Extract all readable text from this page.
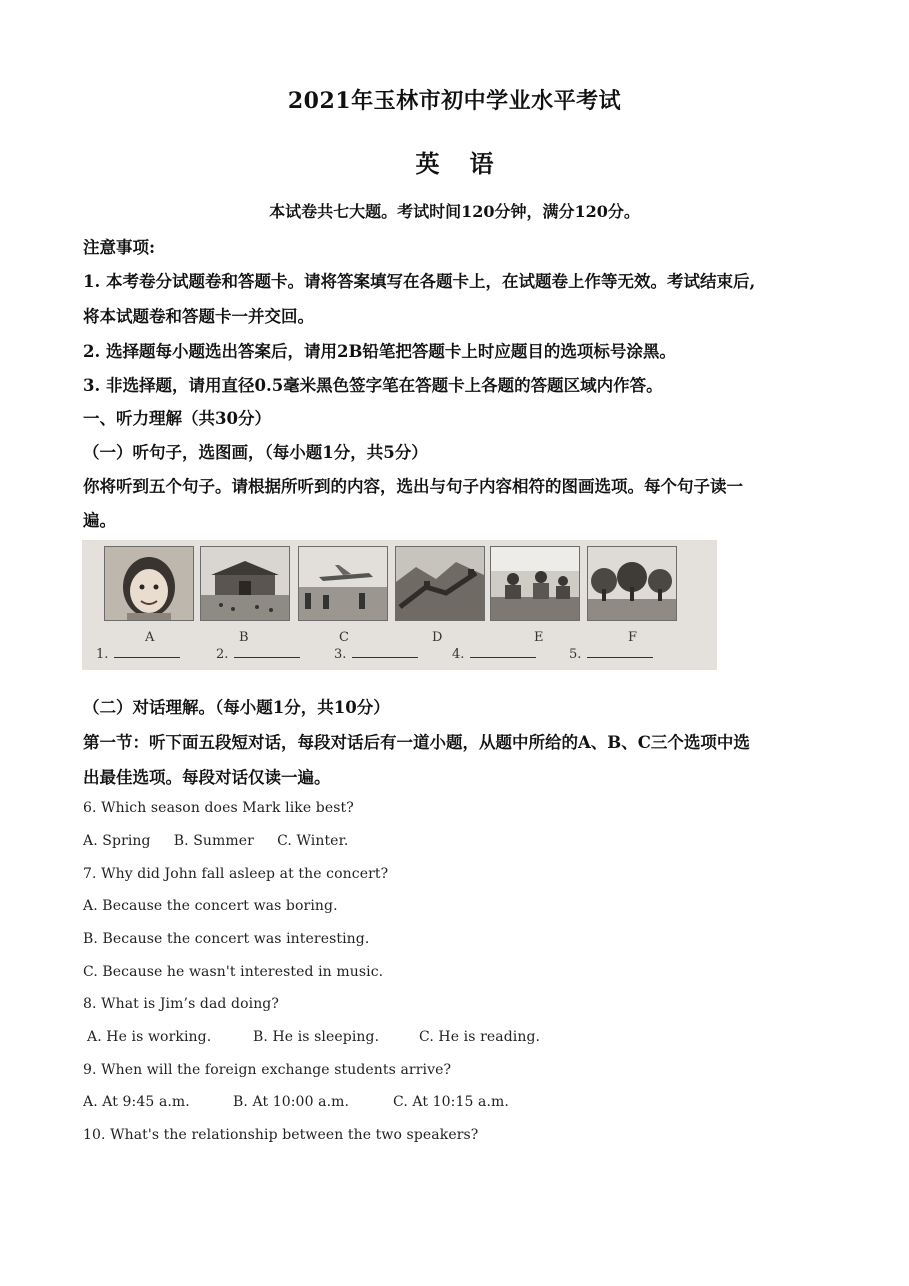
2021年玉林市初中学业水平考试
英语
本试卷共七大题。考试时间120分钟，满分120分。
注意事项:
1. 本考卷分试题卷和答题卡。请将答案填写在各题卡上，在试题卷上作等无效。考试结束后,
将本试题卷和答题卡一并交回。
2. 选择题每小题选出答案后，请用2B铅笔把答题卡上时应题目的选项标号涂黑。
3. 非选择题，请用直径0.5毫米黑色签字笔在答题卡上各题的答题区域内作答。
一、听力理解（共30分）
（一）听句子，选图画，（每小题1分，共5分）
你将听到五个句子。请根据所听到的内容，选出与句子内容相符的图画选项。每个句子读一
遍。
A	B	C	D	E	F
1.	2.	3.	4.	5.
（二）对话理解。（每小题1分，共10分）
第一节：听下面五段短对话，每段对话后有一道小题，从题中所给的A、B、C三个选项中选
出最佳选项。每段对话仅读一遍。
6. Which season does Mark like best?
A. Spring B. Summer C. Winter.
7. Why did John fall asleep at the concert?
A. Because the concert was boring.
B. Because the concert was interesting.
C. Because he wasn't interested in music.
8. What is Jim’s dad doing?
A. He is working.	B. He is sleeping.	C. He is reading.
9. When will the foreign exchange students arrive?
A. At 9:45 a.m.	B. At 10:00 a.m.	C. At 10:15 a.m.
10. What's the relationship between the two speakers?
